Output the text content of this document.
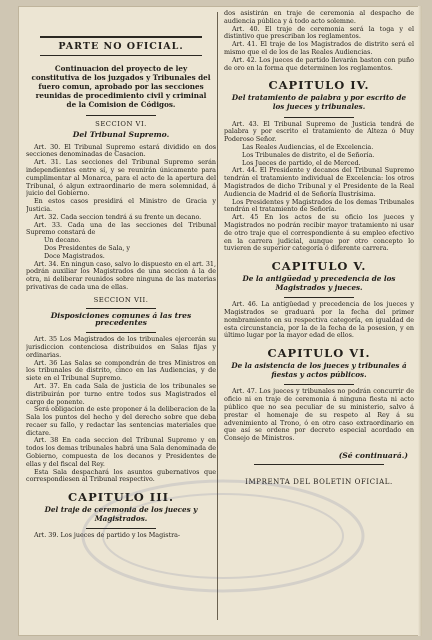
PARTE NO OFICIAL.
Continuacion del proyecto de ley constitutiva de los juzgados y Tribunales del fuero comun, aprobado por las secciones reunidas de procedimiento civil y criminal de la Comision de Códigos.
SECCION VI.
Del Tribunal Supremo.

Art. 30. El Tribunal Supremo estará dividido en dos secciones denominadas de Casacion.

Art. 31. Las secciones del Tribunal Supremo serán independientes entre sí, y se reunirán únicamente para cumplimentar al Monarca, para el acto de la apertura del Tribunal, ó algun extraordinario de mera solemnidad, á juicio del Gobierno.

En estos casos presidirá el Ministro de Gracia y Justicia.

Art. 32. Cada seccion tendrá á su frente un decano.

Art. 33. Cada una de las secciones del Tribunal Supremo constará de

Un decano.

Dos Presidentes de Sala, y

Doce Magistrados.

Art. 34. En ningun caso, salvo lo dispuesto en el art. 31, podrán auxiliar los Magistrados de una seccion á la de otra, ni deliberar reunidos sobre ninguna de las materias privativas de cada una de ellas.

SECCION VII.
Disposiciones comunes á las tres precedentes

Art. 35 Los Magistrados de los tribunales ejercerán su jurisdiccion contenciosa distribuidos en Salas fijas y ordinarias.

Art. 36 Las Salas se compondrán de tres Ministros en los tribunales de distrito, cinco en las Audiencias, y de siete en el Tribunal Supremo.

Art. 37. En cada Sala de justicia de los tribunales se distribuirán por turno entre todos sus Magistrados el cargo de ponente.

Será obligacion de este proponer á la deliberacion de la Sala los puntos del hecho y del derecho sobre que deba recaer su fallo, y redactar las sentencias materiales que dictare.

Art. 38 En cada seccion del Tribunal Supremo y en todos los demas tribunales habrá una Sala denominada de Gobierno, compuesta de los decanos y Presidentes de ellas y del fiscal del Rey.

Esta Sala despachará los asuntos gubernativos que correspondiesen al Tribunal respectivo.

CAPITULO III.
Del traje de ceremonia de los jueces y Magistrados.

Art. 39. Los jueces de partido y los Magistra-

dos asistirán en traje de ceremonia al despacho de audiencia pública y á todo acto solemne.

Art. 40. El traje de ceremonia será la toga y el distintivo que prescriban los reglamentos.

Art. 41. El traje de los Magistrados de distrito será el mismo que el de los de las Reales Audiencias.

Art. 42. Los jueces de partido llevarán baston con puño de oro en la forma que determinen los reglamentos.

CAPITULO IV.
Del tratamiento de palabra y por escrito de los jueces y tribunales.

Art. 43. El Tribunal Supremo de Justicia tendrá de palabra y por escrito el tratamiento de Alteza ó Muy Poderoso Señor.

Las Reales Audiencias, el de Excelencia.

Los Tribunales de distrito, el de Señoría.

Los Jueces de partido, el de Merced.

Art. 44. El Presidente y decanos del Tribunal Supremo tendrán el tratamiento individual de Excelencia: los otros Magistrados de dicho Tribunal y el Presidente de la Real Audiencia de Madrid el de Señoría Ilustrísima.

Los Presidentes y Magistrados de los demas Tribunales tendrán el tratamiento de Señoría.

Art. 45 En los actos de su oficio los jueces y Magistrados no podrán recibir mayor tratamiento ni usar de otro traje que el correspondiente á su empleo efectivo en la carrera judicial, aunque por otro concepto lo tuvieren de superior categoría ó diferente carrera.

CAPITULO V.
De la antigüedad y precedencia de los Magistrados y jueces.

Art. 46. La antigüedad y precedencia de los jueces y Magistrados se graduará por la fecha del primer nombramiento en su respectiva categoría, en igualdad de esta circunstancia, por la de la fecha de la posesion, y en último lugar por la mayor edad de ellos.

CAPITULO VI.
De la asistencia de los jueces y tribunales á fiestas y actos públicos.

Art. 47. Los jueces y tribunales no podrán concurrir de oficio ni en traje de ceremonia á ninguna fiesta ni acto público que no sea peculiar de su ministerio, salvo á prestar el homenaje de su respeto al Rey á su advenimiento al Trono, ó en otro caso extraordinario en que así se ordene por decreto especial acordado en Consejo de Ministros.

(Sé continuará.)
IMPRENTA DEL BOLETIN OFICIAL.
